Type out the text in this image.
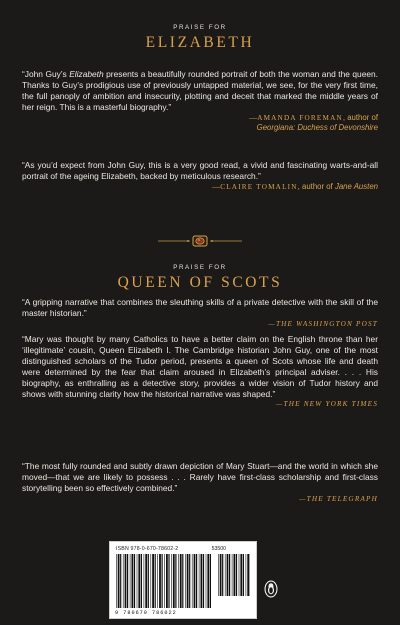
PRAISE FOR
ELIZABETH
“John Guy’s Elizabeth presents a beautifully rounded portrait of both the woman and the queen. Thanks to Guy’s prodigious use of previously untapped material, we see, for the very first time, the full panoply of ambition and insecurity, plotting and deceit that marked the middle years of her reign. This is a masterful biography.”
—AMANDA FOREMAN, author of
Georgiana: Duchess of Devonshire
“As you’d expect from John Guy, this is a very good read, a vivid and fascinating warts-and-all portrait of the ageing Elizabeth, backed by meticulous research.”
—CLAIRE TOMALIN, author of Jane Austen
PRAISE FOR
QUEEN OF SCOTS
“A gripping narrative that combines the sleuthing skills of a private detective with the skill of the master historian.”
—THE WASHINGTON POST
“Mary was thought by many Catholics to have a better claim on the English throne than her ‘illegitimate’ cousin, Queen Elizabeth I. The Cambridge historian John Guy, one of the most distinguished scholars of the Tudor period, presents a queen of Scots whose life and death were determined by the fear that claim aroused in Elizabeth’s principal adviser. . . . His biography, as enthralling as a detective story, provides a wider vision of Tudor history and shows with stunning clarity how the historical narrative was shaped.”
—THE NEW YORK TIMES
“The most fully rounded and subtly drawn depiction of Mary Stuart—and the world in which she moved—that we are likely to possess . . . Rarely have first-class scholarship and first-class storytelling been so effectively combined.”
—THE TELEGRAPH
ISBN 978-0-670-78602-2	53500
9 780670 786022
